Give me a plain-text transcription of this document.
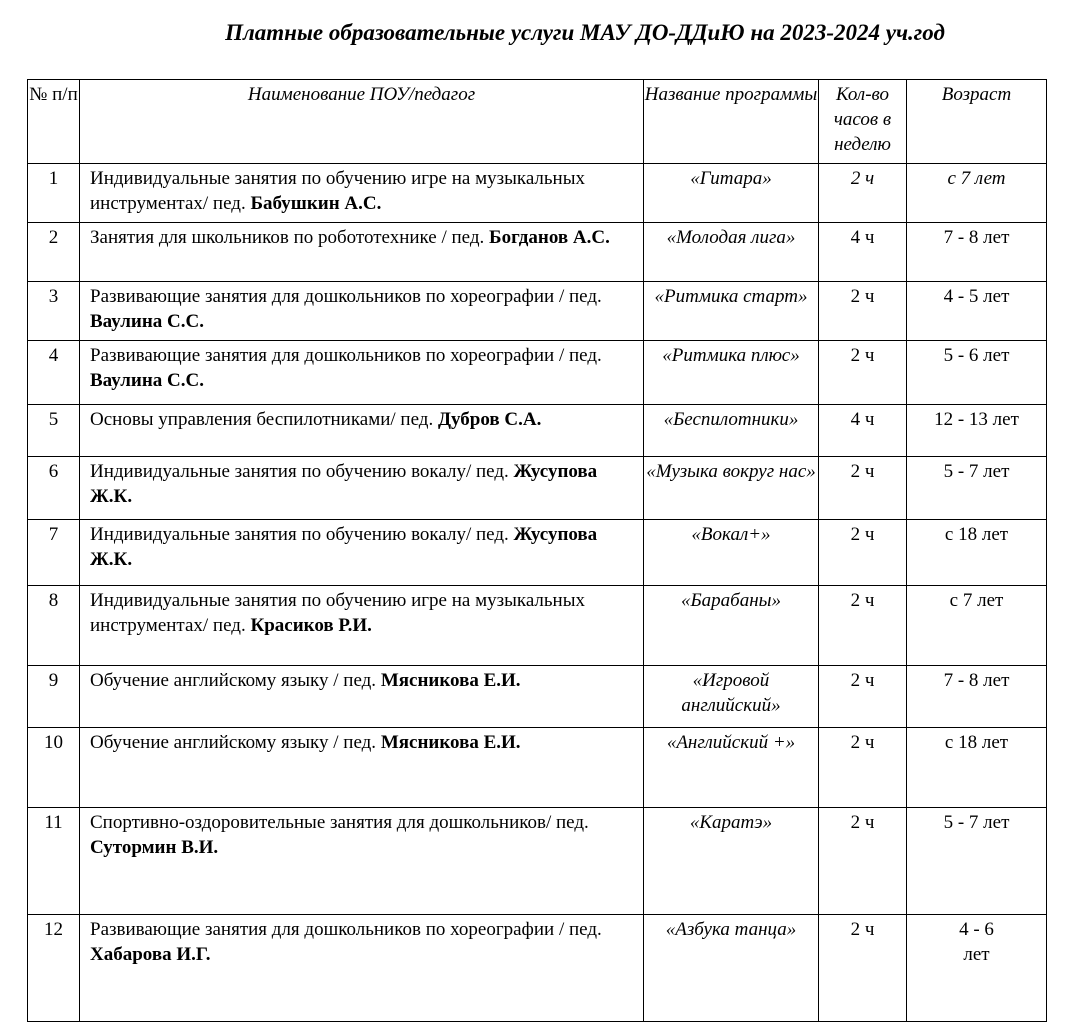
Платные образовательные услуги МАУ ДО-ДДиЮ на 2023-2024 уч.год
№ п/п	Наименование ПОУ/педагог	Название программы	Кол-во часов в неделю	Возраст
1	Индивидуальные занятия по обучению игре на музыкальных инструментах/ пед. Бабушкин А.С.	«Гитара»	2 ч	с 7 лет
2	Занятия для школьников по робототехнике / пед. Богданов А.С.	«Молодая лига»	4 ч	7 - 8 лет
3	Развивающие занятия для дошкольников по хореографии / пед. Ваулина С.С.	«Ритмика старт»	2 ч	4 - 5 лет
4	Развивающие занятия для дошкольников по хореографии / пед. Ваулина С.С.	«Ритмика плюс»	2 ч	5 - 6 лет
5	Основы управления беспилотниками/ пед. Дубров С.А.	«Беспилотники»	4 ч	12 - 13 лет
6	Индивидуальные занятия по обучению вокалу/ пед. Жусупова Ж.К.	«Музыка вокруг нас»	2 ч	5 - 7 лет
7	Индивидуальные занятия по обучению вокалу/ пед. Жусупова Ж.К.	«Вокал+»	2 ч	с 18 лет
8	Индивидуальные занятия по обучению игре на музыкальных инструментах/ пед. Красиков Р.И.	«Барабаны»	2 ч	с 7 лет
9	Обучение английскому языку / пед. Мясникова Е.И.	«Игровой английский»	2 ч	7 - 8 лет
10	Обучение английскому языку / пед. Мясникова Е.И.	«Английский +»	2 ч	с 18 лет
11	Спортивно-оздоровительные занятия для дошкольников/ пед. Сутормин В.И.	«Каратэ»	2 ч	5 - 7 лет
12	Развивающие занятия для дошкольников по хореографии / пед. Хабарова И.Г.	«Азбука танца»	2 ч	4 - 6 лет
